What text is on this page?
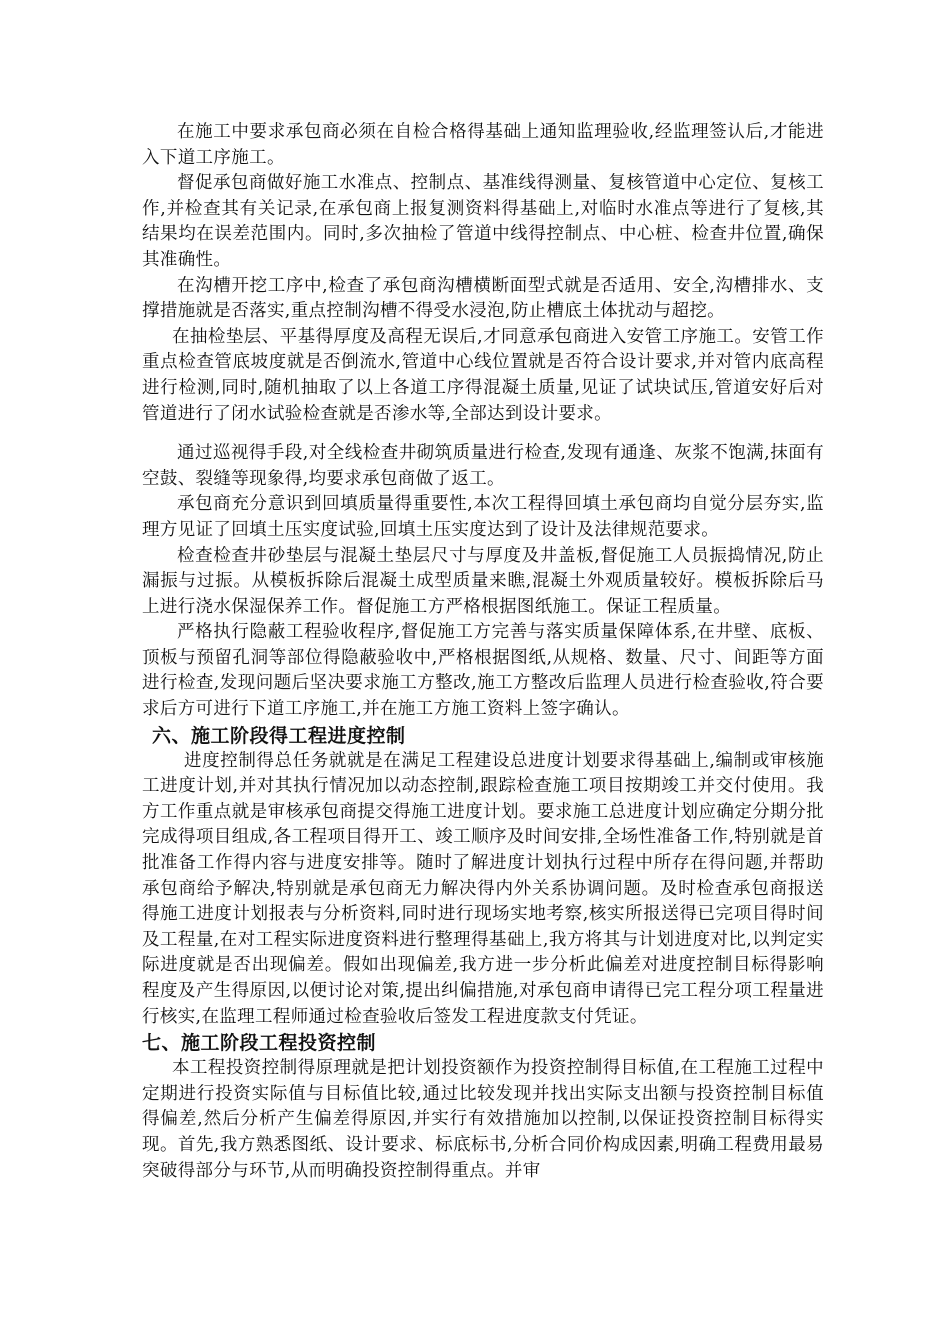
在施工中要求承包商必须在自检合格得基础上通知监理验收,经监理签认后,才能进入下道工序施工。

督促承包商做好施工水准点、控制点、基准线得测量、复核管道中心定位、复核工作,并检查其有关记录,在承包商上报复测资料得基础上,对临时水准点等进行了复核,其结果均在误差范围内。同时,多次抽检了管道中线得控制点、中心桩、检查井位置,确保其准确性。

在沟槽开挖工序中,检查了承包商沟槽横断面型式就是否适用、安全,沟槽排水、支撑措施就是否落实,重点控制沟槽不得受水浸泡,防止槽底土体扰动与超挖。

在抽检垫层、平基得厚度及高程无误后,才同意承包商进入安管工序施工。安管工作重点检查管底坡度就是否倒流水,管道中心线位置就是否符合设计要求,并对管内底高程进行检测,同时,随机抽取了以上各道工序得混凝土质量,见证了试块试压,管道安好后对管道进行了闭水试验检查就是否渗水等,全部达到设计要求。

通过巡视得手段,对全线检查井砌筑质量进行检查,发现有通逢、灰浆不饱满,抹面有空鼓、裂缝等现象得,均要求承包商做了返工。

承包商充分意识到回填质量得重要性,本次工程得回填土承包商均自觉分层夯实,监理方见证了回填土压实度试验,回填土压实度达到了设计及法律规范要求。

检查检查井砂垫层与混凝土垫层尺寸与厚度及井盖板,督促施工人员振捣情况,防止漏振与过振。从模板拆除后混凝土成型质量来瞧,混凝土外观质量较好。模板拆除后马上进行浇水保湿保养工作。督促施工方严格根据图纸施工。保证工程质量。

严格执行隐蔽工程验收程序,督促施工方完善与落实质量保障体系,在井壁、底板、顶板与预留孔洞等部位得隐蔽验收中,严格根据图纸,从规格、数量、尺寸、间距等方面进行检查,发现问题后坚决要求施工方整改,施工方整改后监理人员进行检查验收,符合要求后方可进行下道工序施工,并在施工方施工资料上签字确认。

六、施工阶段得工程进度控制

进度控制得总任务就就是在满足工程建设总进度计划要求得基础上,编制或审核施工进度计划,并对其执行情况加以动态控制,跟踪检查施工项目按期竣工并交付使用。我方工作重点就是审核承包商提交得施工进度计划。要求施工总进度计划应确定分期分批完成得项目组成,各工程项目得开工、竣工顺序及时间安排,全场性准备工作,特别就是首批准备工作得内容与进度安排等。随时了解进度计划执行过程中所存在得问题,并帮助承包商给予解决,特别就是承包商无力解决得内外关系协调问题。及时检查承包商报送得施工进度计划报表与分析资料,同时进行现场实地考察,核实所报送得已完项目得时间及工程量,在对工程实际进度资料进行整理得基础上,我方将其与计划进度对比,以判定实际进度就是否出现偏差。假如出现偏差,我方进一步分析此偏差对进度控制目标得影响程度及产生得原因,以便讨论对策,提出纠偏措施,对承包商申请得已完工程分项工程量进行核实,在监理工程师通过检查验收后签发工程进度款支付凭证。

七、施工阶段工程投资控制

本工程投资控制得原理就是把计划投资额作为投资控制得目标值,在工程施工过程中定期进行投资实际值与目标值比较,通过比较发现并找出实际支出额与投资控制目标值得偏差,然后分析产生偏差得原因,并实行有效措施加以控制,以保证投资控制目标得实现。首先,我方熟悉图纸、设计要求、标底标书,分析合同价构成因素,明确工程费用最易突破得部分与环节,从而明确投资控制得重点。并审
